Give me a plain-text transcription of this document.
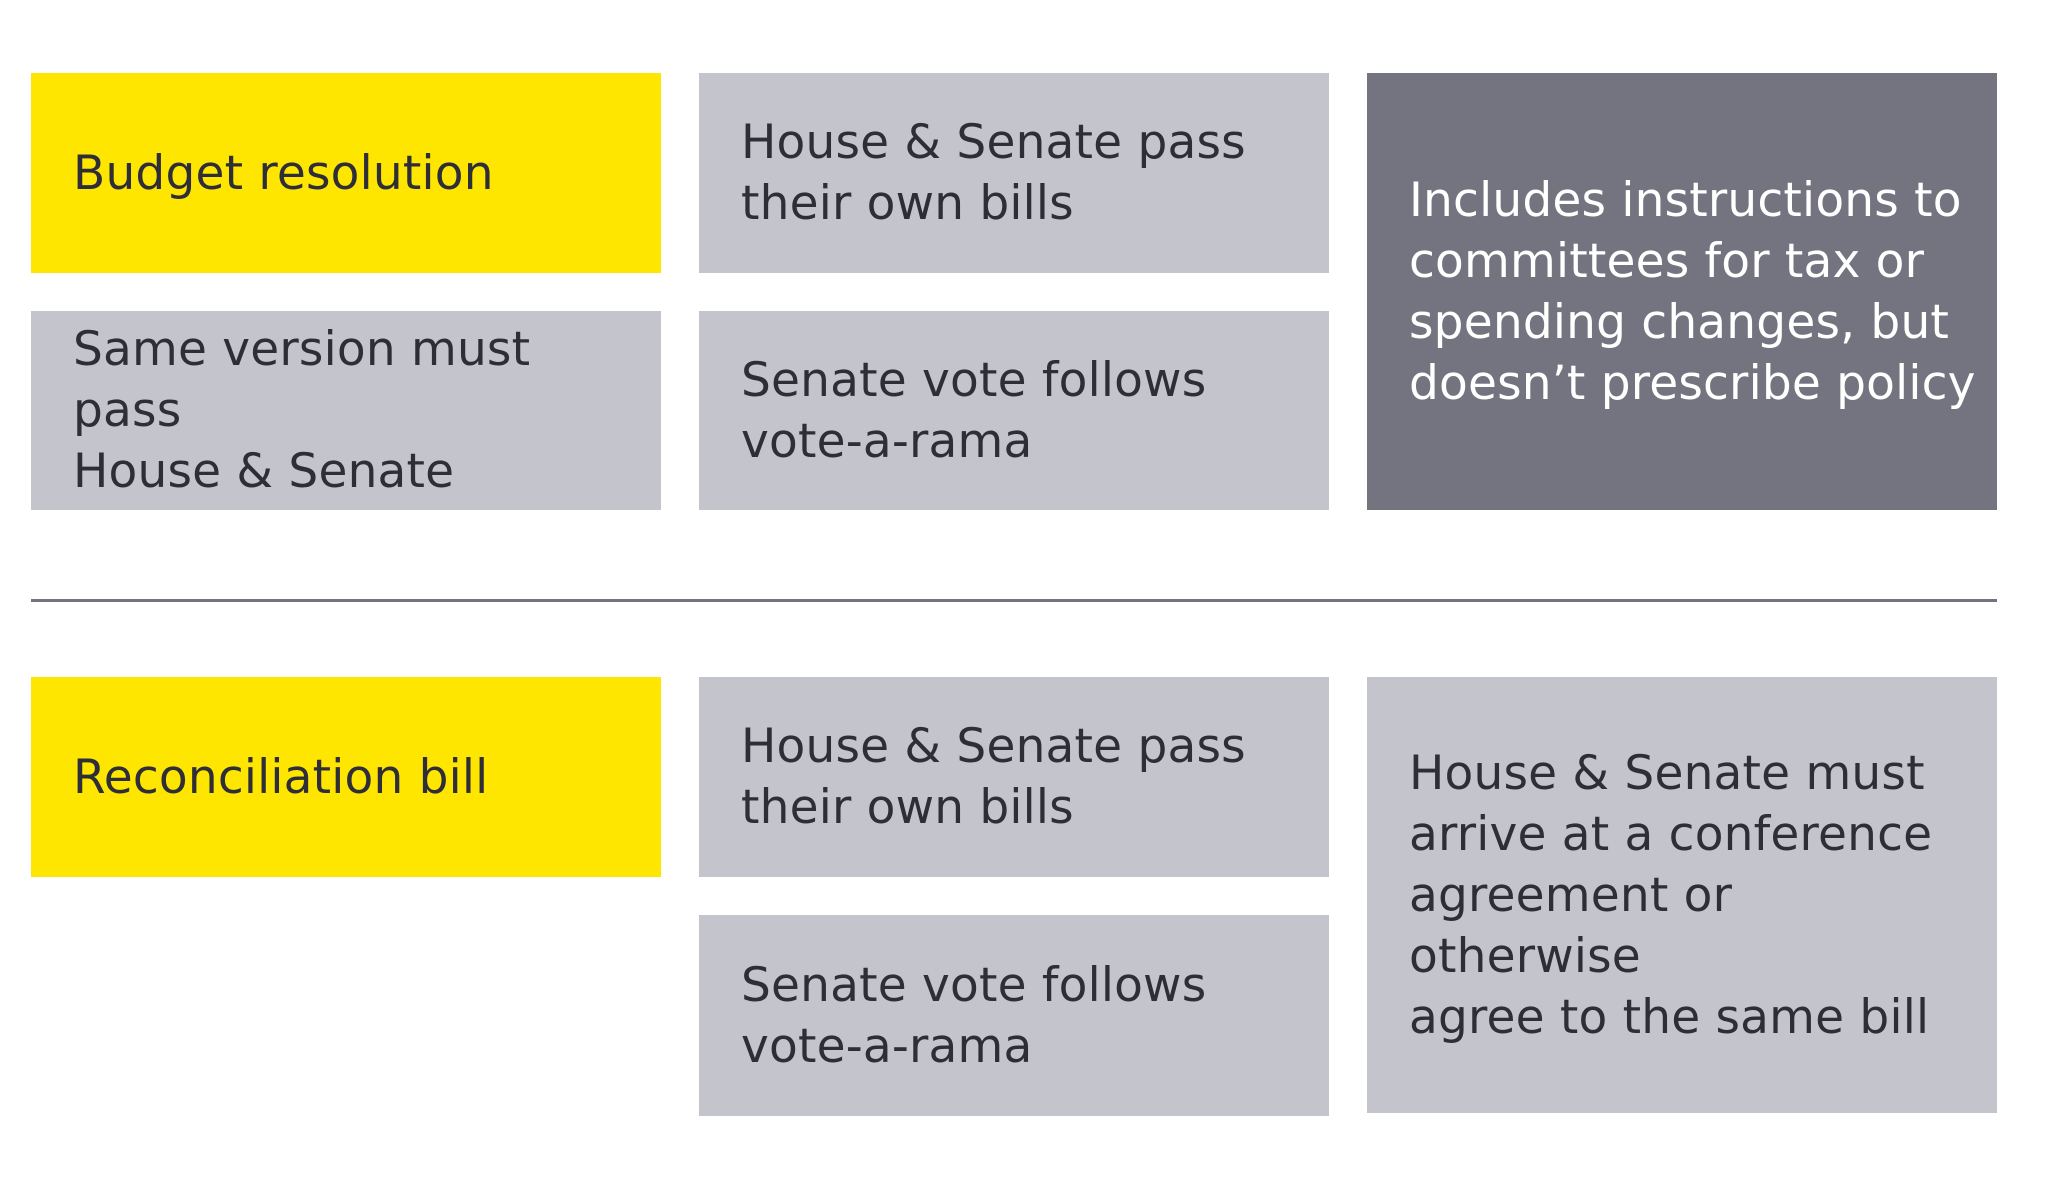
Budget resolution
House & Senate pass
their own bills	Includes instructions to
committees for tax or
spending changes, but
doesn’t prescribe policy
Same version must pass
House & Senate
Senate vote follows
vote-a-rama
Reconciliation bill
House & Senate pass
their own bills
Senate vote follows
vote-a-rama
House & Senate must
arrive at a conference
agreement or otherwise
agree to the same bill
